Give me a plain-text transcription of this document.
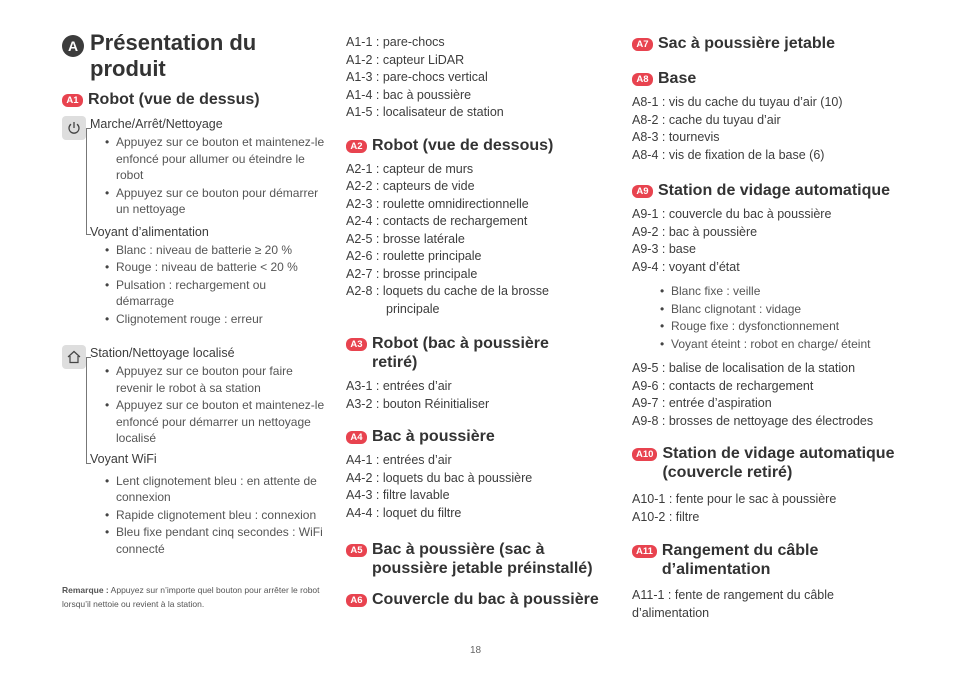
A Présentation du produit
A1 Robot (vue de dessus)
Marche/Arrêt/Nettoyage
• Appuyez sur ce bouton et maintenez-le enfoncé pour allumer ou éteindre le robot
• Appuyez sur ce bouton pour démarrer un nettoyage
Voyant d’alimentation
• Blanc : niveau de batterie ≥ 20 %
• Rouge : niveau de batterie < 20 %
• Pulsation : rechargement ou démarrage
• Clignotement rouge : erreur
Station/Nettoyage localisé
• Appuyez sur ce bouton pour faire revenir le robot à sa station
• Appuyez sur ce bouton et maintenez-le enfoncé pour démarrer un nettoyage localisé
Voyant WiFi
• Lent clignotement bleu : en attente de connexion
• Rapide clignotement bleu : connexion
• Bleu fixe pendant cinq secondes : WiFi connecté
Remarque : Appuyez sur n’importe quel bouton pour arrêter le robot lorsqu’il nettoie ou revient à la station.
A1-1 : pare-chocs
A1-2 : capteur LiDAR
A1-3 : pare-chocs vertical
A1-4 : bac à poussière
A1-5 : localisateur de station
A2 Robot (vue de dessous)
A2-1 : capteur de murs
A2-2 : capteurs de vide
A2-3 : roulette omnidirectionnelle
A2-4 : contacts de rechargement
A2-5 : brosse latérale
A2-6 : roulette principale
A2-7 : brosse principale
A2-8 : loquets du cache de la brosse
principale
A3 Robot (bac à poussière retiré)
A3-1 : entrées d’air
A3-2 : bouton Réinitialiser
A4 Bac à poussière
A4-1 : entrées d’air
A4-2 : loquets du bac à poussière
A4-3 : filtre lavable
A4-4 : loquet du filtre
A5 Bac à poussière (sac à poussière jetable préinstallé)
A6 Couvercle du bac à poussière
A7 Sac à poussière jetable
A8 Base
A8-1 : vis du cache du tuyau d’air (10)
A8-2 : cache du tuyau d’air
A8-3 : tournevis
A8-4 : vis de fixation de la base (6)
A9 Station de vidage automatique
A9-1 : couvercle du bac à poussière
A9-2 : bac à poussière
A9-3 : base
A9-4 : voyant d’état
• Blanc fixe : veille
• Blanc clignotant : vidage
• Rouge fixe : dysfonctionnement
• Voyant éteint : robot en charge/ éteint
A9-5 : balise de localisation de la station
A9-6 : contacts de rechargement
A9-7 : entrée d’aspiration
A9-8 : brosses de nettoyage des électrodes
A10 Station de vidage automatique (couvercle retiré)
A10-1 : fente pour le sac à poussière
A10-2 : filtre
A11 Rangement du câble d’alimentation
A11-1 : fente de rangement du câble
d’alimentation
18
